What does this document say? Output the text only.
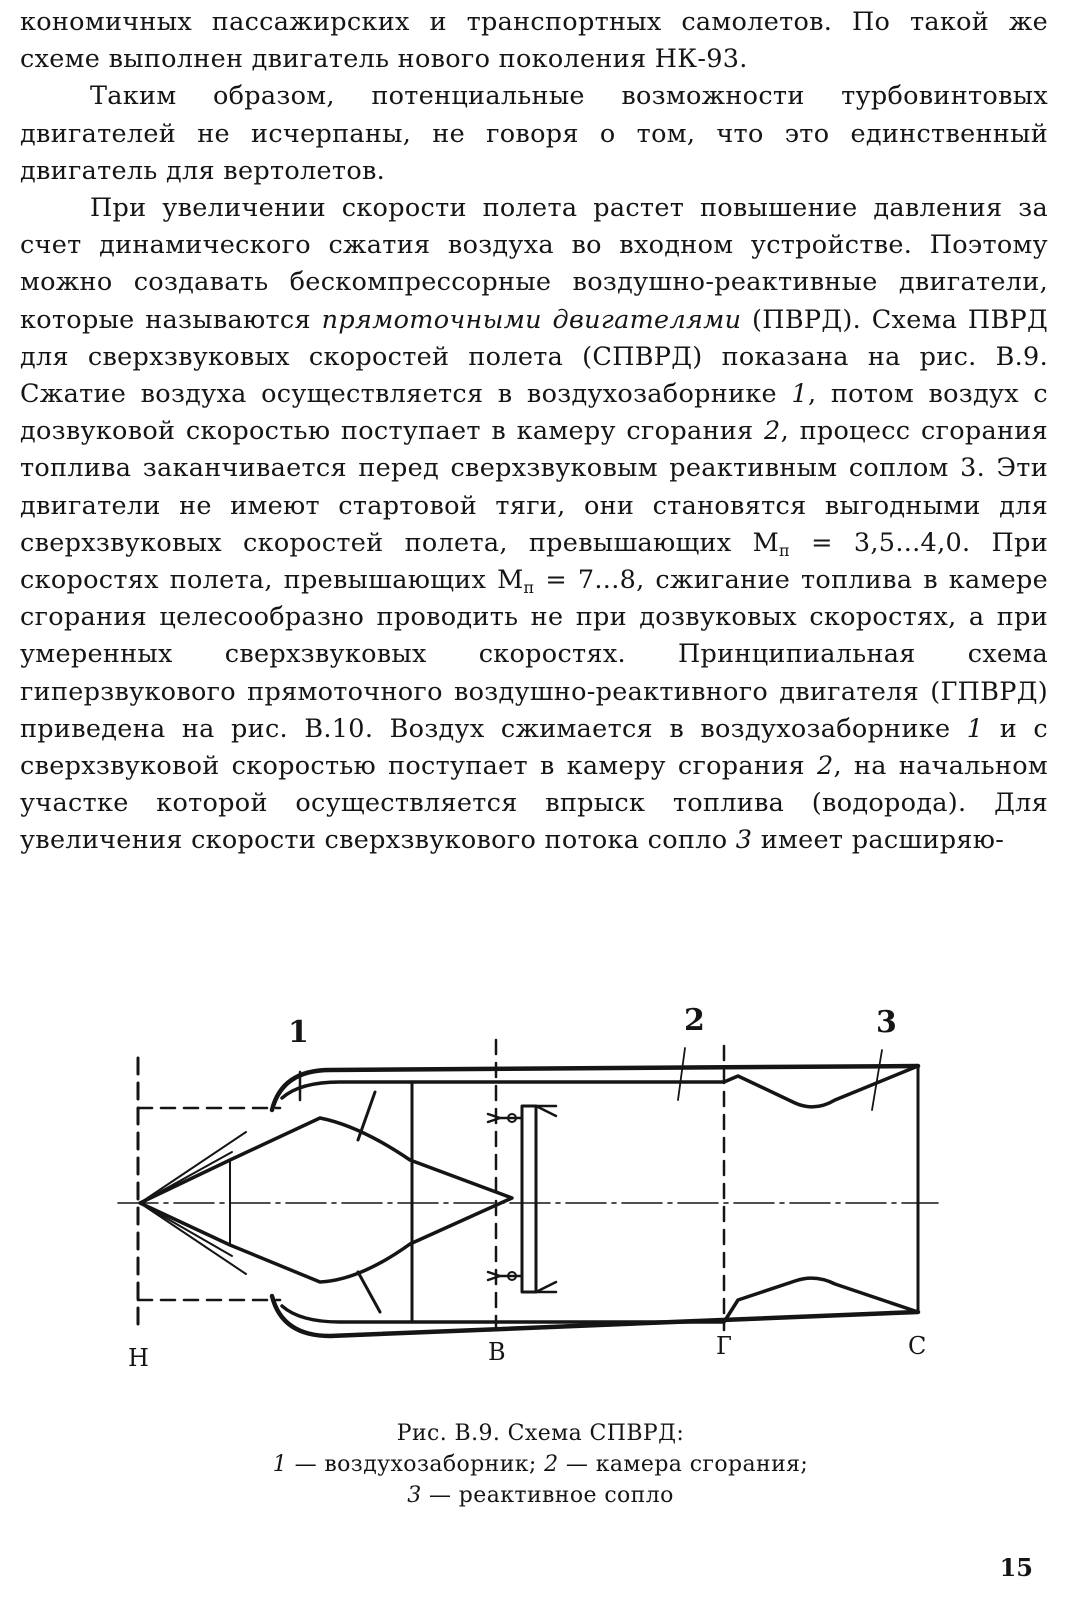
кономичных пассажирских и транспортных самолетов. По такой же схеме выполнен двигатель нового поколения НК-93.

Таким образом, потенциальные возможности турбовинтовых двигателей не исчерпаны, не говоря о том, что это единственный двигатель для вертолетов.

При увеличении скорости полета растет повышение давления за счет динамического сжатия воздуха во входном устройстве. Поэтому можно создавать бескомпрессорные воздушно-реактивные двигатели, которые называются прямоточными двигателями (ПВРД). Схема ПВРД для сверхзвуковых скоростей полета (СПВРД) показана на рис. В.9. Сжатие воздуха осуществляется в воздухозаборнике 1, потом воздух с дозвуковой скоростью поступает в камеру сгорания 2, процесс сгорания топлива заканчивается перед сверхзвуковым реактивным соплом 3. Эти двигатели не имеют стартовой тяги, они становятся выгодными для сверхзвуковых скоростей полета, превышающих $М_п = 3,5...4,0$. При скоростях полета, превышающих $М_п = 7...8$, сжигание топлива в камере сгорания целесообразно проводить не при дозвуковых скоростях, а при умеренных сверхзвуковых скоростях. Принципиальная схема гиперзвукового прямоточного воздушно-реактивного двигателя (ГПВРД) приведена на рис. В.10. Воздух сжимается в воздухозаборнике 1 и с сверхзвуковой скоростью поступает в камеру сгорания 2, на начальном участке которой осуществляется впрыск топлива (водорода). Для увеличения скорости сверхзвукового потока сопло 3 имеет расширяю-

1	2	3
Н	В	Г	С
Рис. В.9. Схема СПВРД:
1 — воздухозаборник; 2 — камера сгорания;
3 — реактивное сопло
15
